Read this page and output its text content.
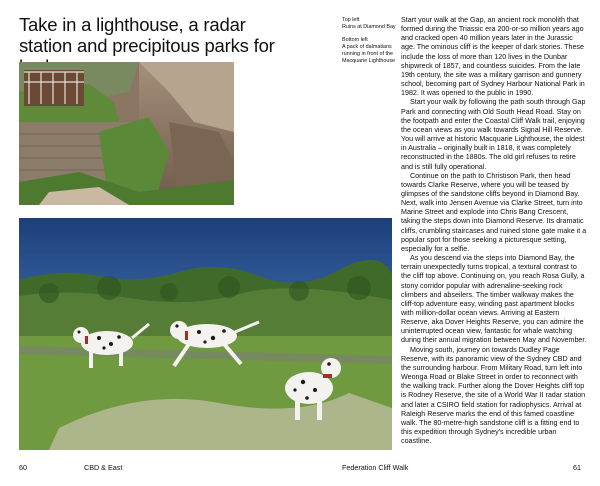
Take in a lighthouse, a radar station and precipitous parks for
60	CBD & East

Top left
Ruins at Diamond Bay

Bottom left
A pack of dalmatians running in front of the Macquarie Lighthouse

Start your walk at the Gap, an ancient rock monolith that formed during the Triassic era 200-or-so million years ago and cracked open 40 million years later in the Jurassic age. The ominous cliff is the keeper of dark stories. These include the loss of more than 120 lives in the Dunbar shipwreck of 1857, and countless suicides. From the late 19th century, the site was a military garrison and gunnery school, becoming part of Sydney Harbour National Park in 1982. It was opened to the public in 1990.

Start your walk by following the path south through Gap Park and connecting with Old South Head Road. Stay on the footpath and enter the Coastal Cliff Walk trail, enjoying the ocean views as you walk towards Signal Hill Reserve. You will arrive at historic Macquarie Lighthouse, the oldest in Australia – originally built in 1818, it was completely reconstructed in the 1880s. The old girl refuses to retire and is still fully operational.

Continue on the path to Christison Park, then head towards Clarke Reserve, where you will be teased by glimpses of the sandstone cliffs beyond in Diamond Bay. Next, walk into Jensen Avenue via Clarke Street, turn into Marine Street and explode into Chris Bang Crescent, taking the steps down into Diamond Reserve. Its dramatic cliffs, crumbling staircases and ruined stone gate make it a popular spot for those seeking a picturesque setting, especially for a selfie.

As you descend via the steps into Diamond Bay, the terrain unexpectedly turns tropical, a textural contrast to the cliff top above. Continuing on, you reach Rosa Gully, a stony corridor popular with adrenaline-seeking rock climbers and abseilers. The timber walkway makes the cliff-top adventure easy, winding past apartment blocks with million-dollar ocean views. Arriving at Eastern Reserve, aka Dover Heights Reserve, you can admire the uninterrupted ocean view, fantastic for whale watching during their annual migration between May and November.

Moving south, journey on towards Dudley Page Reserve, with its panoramic view of the Sydney CBD and the surrounding harbour. From Military Road, turn left into Weonga Road or Blake Street in order to reconnect with the walking track. Further along the Dover Heights cliff top is Rodney Reserve, the site of a World War II radar station and later a CSIRO field station for radiophysics. Arrival at Raleigh Reserve marks the end of this famed coastline walk. The 80-metre-high sandstone cliff is a fitting end to this expedition through Sydney's incredible urban coastline.

Federation Cliff Walk	61
